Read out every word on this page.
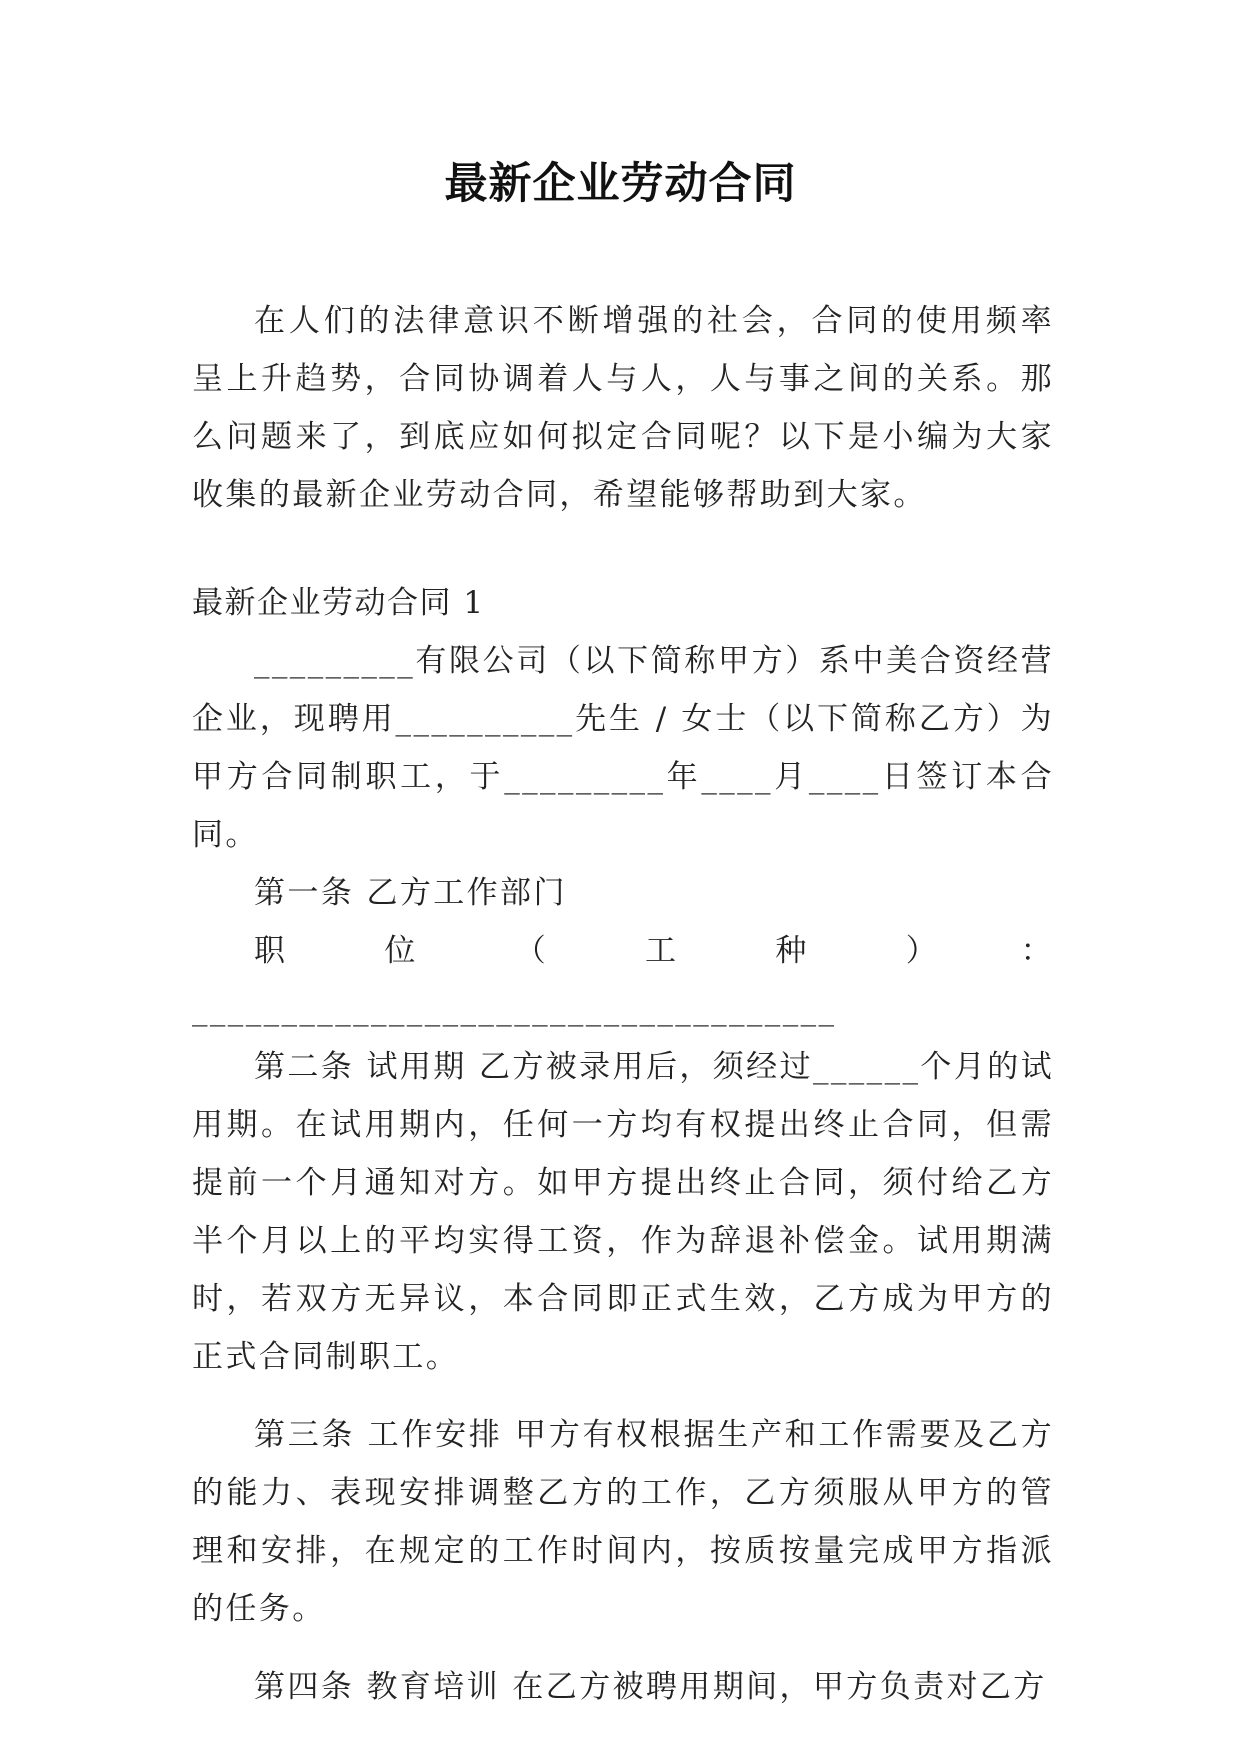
最新企业劳动合同

在人们的法律意识不断增强的社会，合同的使用频率呈上升趋势，合同协调着人与人，人与事之间的关系。那么问题来了，到底应如何拟定合同呢？以下是小编为大家收集的最新企业劳动合同，希望能够帮助到大家。

最新企业劳动合同 1

_________有限公司（以下简称甲方）系中美合资经营企业，现聘用__________先生 / 女士（以下简称乙方）为甲方合同制职工，于_________年____月____日签订本合同。

第一条 乙方工作部门

职位（工种）：____________________________________

第二条 试用期 乙方被录用后，须经过______个月的试用期。在试用期内，任何一方均有权提出终止合同，但需提前一个月通知对方。如甲方提出终止合同，须付给乙方半个月以上的平均实得工资，作为辞退补偿金。试用期满时，若双方无异议，本合同即正式生效，乙方成为甲方的正式合同制职工。

第三条 工作安排 甲方有权根据生产和工作需要及乙方的能力、表现安排调整乙方的工作，乙方须服从甲方的管理和安排，在规定的工作时间内，按质按量完成甲方指派的任务。

第四条 教育培训 在乙方被聘用期间，甲方负责对乙方
